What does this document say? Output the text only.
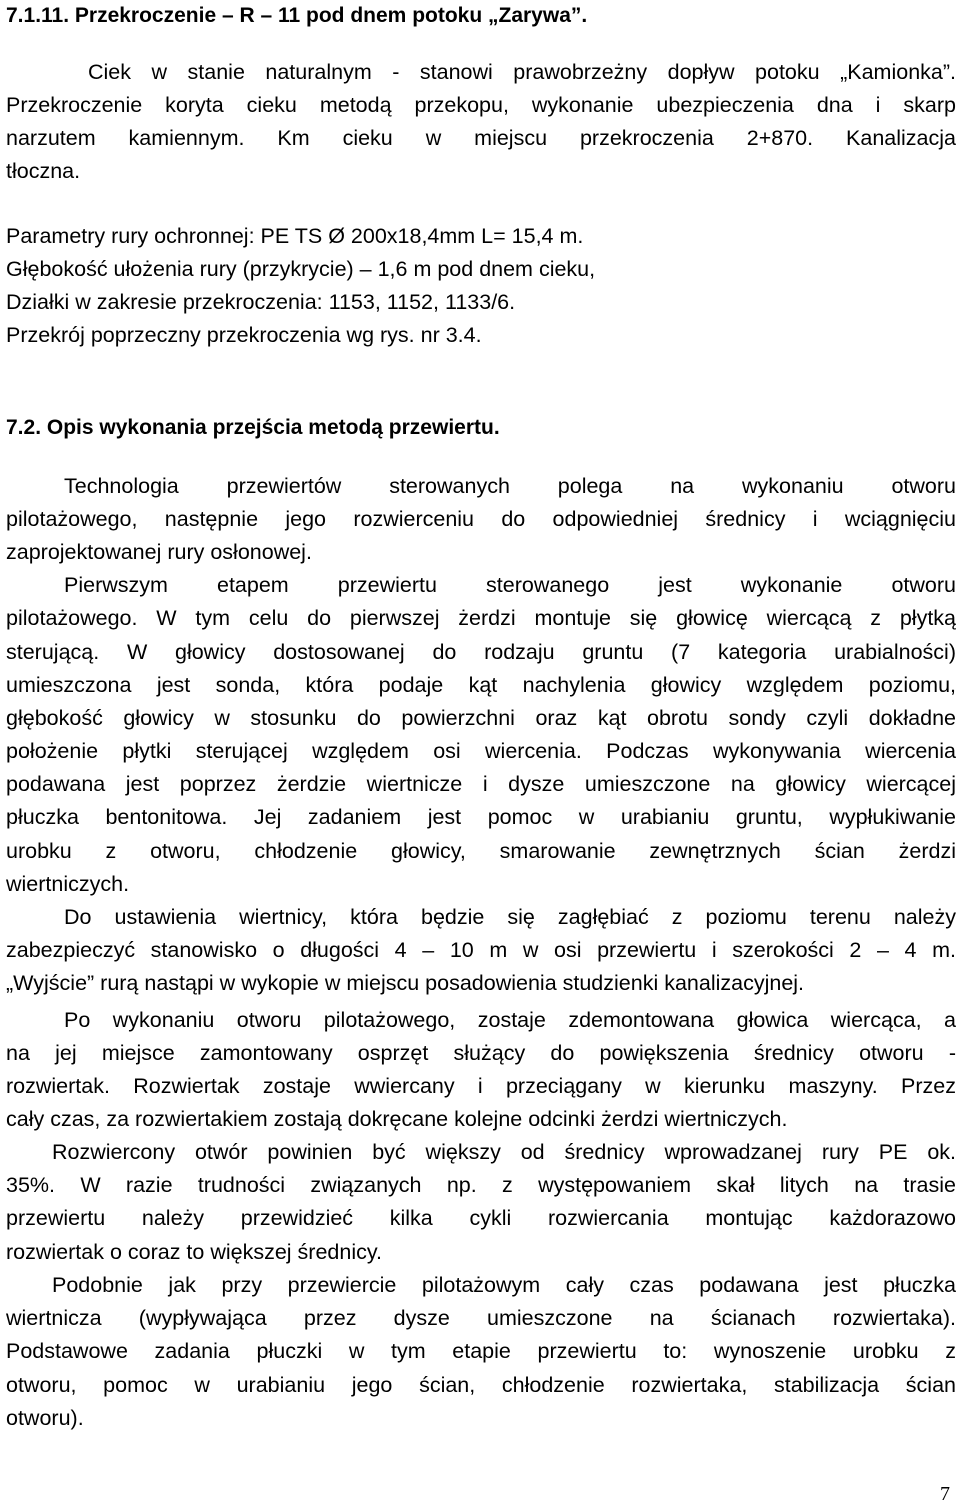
7.1.11. Przekroczenie – R – 11 pod dnem potoku „Zarywa”.

Ciek w stanie naturalnym - stanowi prawobrzeżny dopływ potoku „Kamionka”.

Przekroczenie koryta cieku metodą przekopu, wykonanie ubezpieczenia dna i skarp

narzutem kamiennym. Km cieku w miejscu przekroczenia 2+870. Kanalizacja

tłoczna.

Parametry rury ochronnej: PE TS Ø 200x18,4mm L= 15,4 m.

Głębokość ułożenia rury (przykrycie) – 1,6 m pod dnem cieku,

Działki w zakresie przekroczenia: 1153, 1152, 1133/6.

Przekrój poprzeczny przekroczenia wg rys. nr 3.4.

7.2. Opis wykonania przejścia metodą przewiertu.

Technologia przewiertów sterowanych polega na wykonaniu otworu

pilotażowego, następnie jego rozwierceniu do odpowiedniej średnicy i wciągnięciu

zaprojektowanej rury osłonowej.

Pierwszym etapem przewiertu sterowanego jest wykonanie otworu

pilotażowego. W tym celu do pierwszej żerdzi montuje się głowicę wiercącą z płytką

sterującą. W głowicy dostosowanej do rodzaju gruntu (7 kategoria urabialności)

umieszczona jest sonda, która podaje kąt nachylenia głowicy względem poziomu,

głębokość głowicy w stosunku do powierzchni oraz kąt obrotu sondy czyli dokładne

położenie płytki sterującej względem osi wiercenia. Podczas wykonywania wiercenia

podawana jest poprzez żerdzie wiertnicze i dysze umieszczone na głowicy wiercącej

płuczka bentonitowa. Jej zadaniem jest pomoc w urabianiu gruntu, wypłukiwanie

urobku z otworu, chłodzenie głowicy, smarowanie zewnętrznych ścian żerdzi

wiertniczych.

Do ustawienia wiertnicy, która będzie się zagłębiać z poziomu terenu należy

zabezpieczyć stanowisko o długości 4 – 10 m w osi przewiertu i szerokości 2 – 4 m.

„Wyjście” rurą nastąpi w wykopie w miejscu posadowienia studzienki kanalizacyjnej.

Po wykonaniu otworu pilotażowego, zostaje zdemontowana głowica wiercąca, a

na jej miejsce zamontowany osprzęt służący do powiększenia średnicy otworu -

rozwiertak. Rozwiertak zostaje wwiercany i przeciągany w kierunku maszyny. Przez

cały czas, za rozwiertakiem zostają dokręcane kolejne odcinki żerdzi wiertniczych.

Rozwiercony otwór powinien być większy od średnicy wprowadzanej rury PE ok.

35%. W razie trudności związanych np. z występowaniem skał litych na trasie

przewiertu należy przewidzieć kilka cykli rozwiercania montując każdorazowo

rozwiertak o coraz to większej średnicy.

Podobnie jak przy przewiercie pilotażowym cały czas podawana jest płuczka

wiertnicza (wypływająca przez dysze umieszczone na ścianach rozwiertaka).

Podstawowe zadania płuczki w tym etapie przewiertu to: wynoszenie urobku z

otworu, pomoc w urabianiu jego ścian, chłodzenie rozwiertaka, stabilizacja ścian

otworu).

7
